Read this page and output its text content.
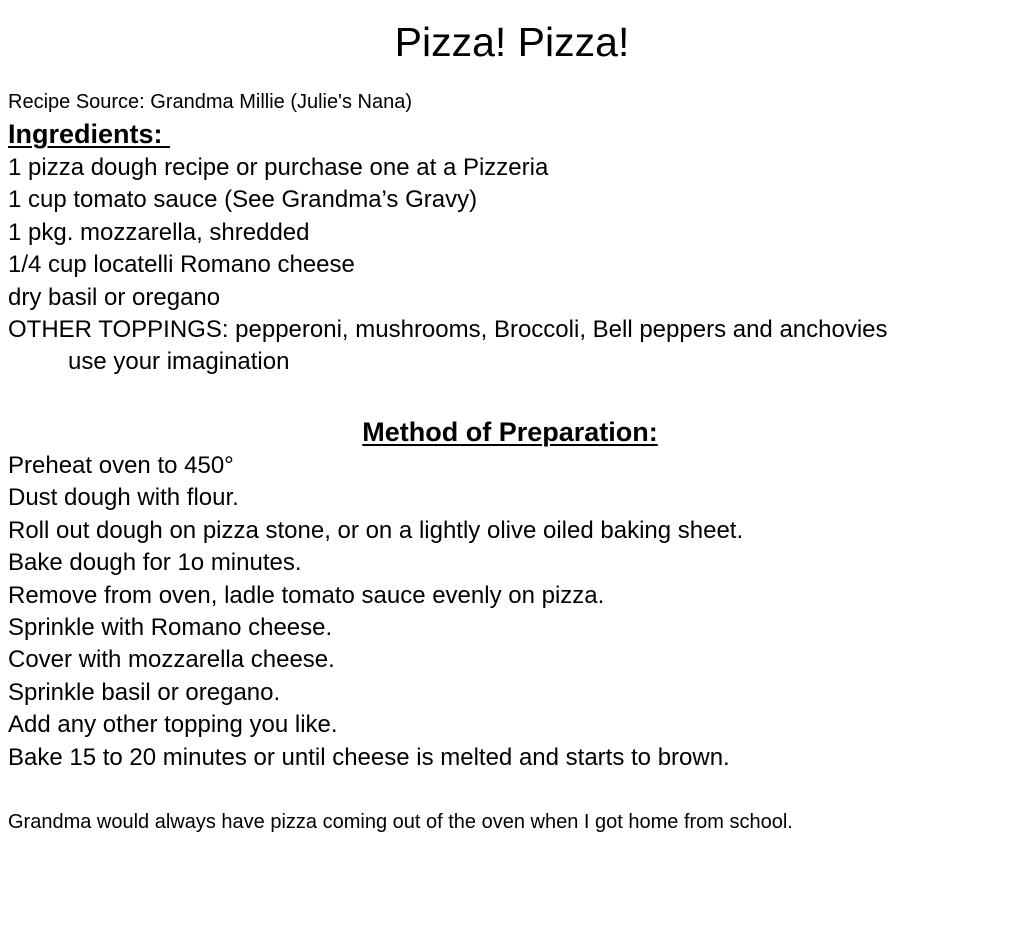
Pizza! Pizza!

Recipe Source: Grandma Millie (Julie's Nana)

Ingredients:
1 pizza dough recipe or purchase one at a Pizzeria
1 cup tomato sauce (See Grandma’s Gravy)
1 pkg. mozzarella, shredded
1/4 cup locatelli Romano cheese
dry basil or oregano
OTHER TOPPINGS: pepperoni, mushrooms, Broccoli, Bell peppers and anchovies
use your imagination
Method of Preparation:
Preheat oven to 450°
Dust dough with flour.
Roll out dough on pizza stone, or on a lightly olive oiled baking sheet.
Bake dough for 1o minutes.
Remove from oven, ladle tomato sauce evenly on pizza.
Sprinkle with Romano cheese.
Cover with mozzarella cheese.
Sprinkle basil or oregano.
Add any other topping you like.
Bake 15 to 20 minutes or until cheese is melted and starts to brown.

Grandma would always have pizza coming out of the oven when I got home from school.
